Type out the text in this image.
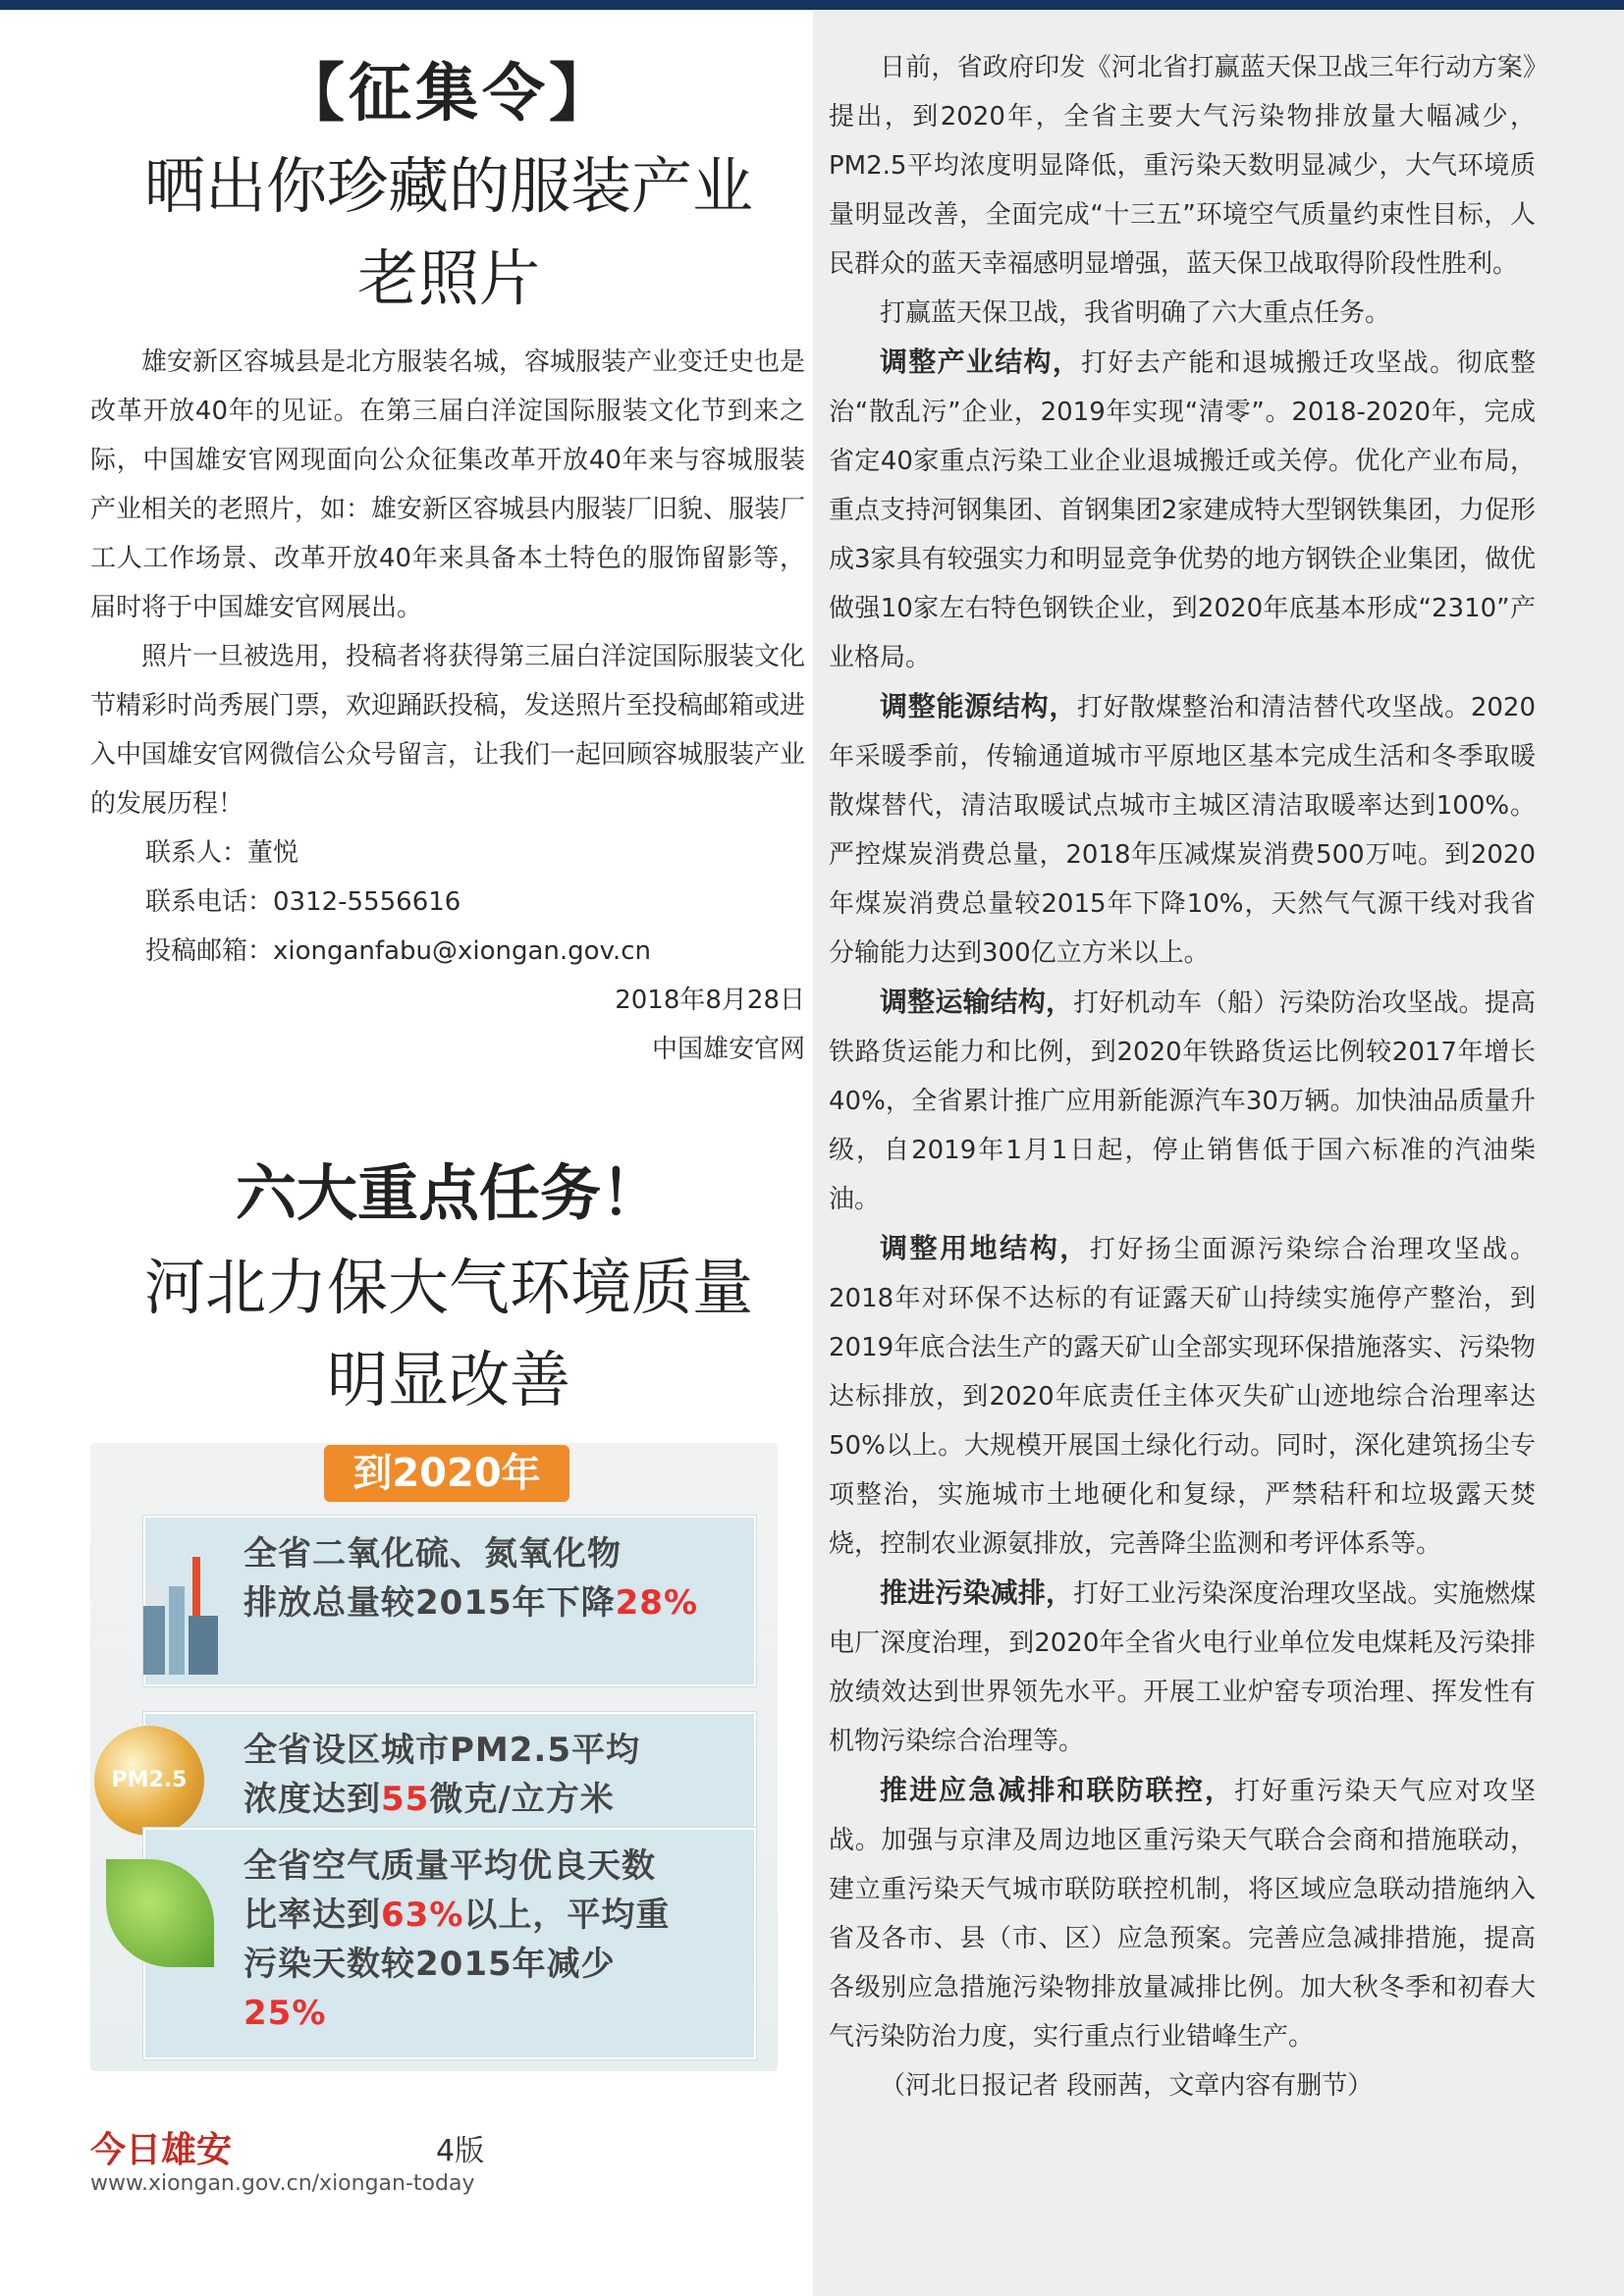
【征集令】
晒出你珍藏的服装产业
老照片

雄安新区容城县是北方服装名城，容城服装产业变迁史也是改革开放40年的见证。在第三届白洋淀国际服装文化节到来之际，中国雄安官网现面向公众征集改革开放40年来与容城服装产业相关的老照片，如：雄安新区容城县内服装厂旧貌、服装厂工人工作场景、改革开放40年来具备本土特色的服饰留影等，届时将于中国雄安官网展出。

照片一旦被选用，投稿者将获得第三届白洋淀国际服装文化节精彩时尚秀展门票，欢迎踊跃投稿，发送照片至投稿邮箱或进入中国雄安官网微信公众号留言，让我们一起回顾容城服装产业的发展历程！

联系人：董悦
联系电话：0312-5556616
投稿邮箱：xionganfabu@xiongan.gov.cn
2018年8月28日
中国雄安官网
六大重点任务！
河北力保大气环境质量
明显改善
到2020年
全省二氧化硫、氮氧化物
排放总量较2015年下降28%
PM2.5
全省设区城市PM2.5平均
浓度达到55微克/立方米
全省空气质量平均优良天数
比率达到63%以上，平均重
污染天数较2015年减少
25%
今日雄安	4版
www.xiongan.gov.cn/xiongan-today

日前，省政府印发《河北省打赢蓝天保卫战三年行动方案》提出，到2020年，全省主要大气污染物排放量大幅减少，PM2.5平均浓度明显降低，重污染天数明显减少，大气环境质量明显改善，全面完成“十三五”环境空气质量约束性目标，人民群众的蓝天幸福感明显增强，蓝天保卫战取得阶段性胜利。

打赢蓝天保卫战，我省明确了六大重点任务。

调整产业结构，打好去产能和退城搬迁攻坚战。彻底整治“散乱污”企业，2019年实现“清零”。2018-2020年，完成省定40家重点污染工业企业退城搬迁或关停。优化产业布局，重点支持河钢集团、首钢集团2家建成特大型钢铁集团，力促形成3家具有较强实力和明显竞争优势的地方钢铁企业集团，做优做强10家左右特色钢铁企业，到2020年底基本形成“2310”产业格局。

调整能源结构，打好散煤整治和清洁替代攻坚战。2020年采暖季前，传输通道城市平原地区基本完成生活和冬季取暖散煤替代，清洁取暖试点城市主城区清洁取暖率达到100%。严控煤炭消费总量，2018年压减煤炭消费500万吨。到2020年煤炭消费总量较2015年下降10%，天然气气源干线对我省分输能力达到300亿立方米以上。

调整运输结构，打好机动车（船）污染防治攻坚战。提高铁路货运能力和比例，到2020年铁路货运比例较2017年增长40%，全省累计推广应用新能源汽车30万辆。加快油品质量升级，自2019年1月1日起，停止销售低于国六标准的汽油柴油。

调整用地结构，打好扬尘面源污染综合治理攻坚战。2018年对环保不达标的有证露天矿山持续实施停产整治，到2019年底合法生产的露天矿山全部实现环保措施落实、污染物达标排放，到2020年底责任主体灭失矿山迹地综合治理率达50%以上。大规模开展国土绿化行动。同时，深化建筑扬尘专项整治，实施城市土地硬化和复绿，严禁秸秆和垃圾露天焚烧，控制农业源氨排放，完善降尘监测和考评体系等。

推进污染减排，打好工业污染深度治理攻坚战。实施燃煤电厂深度治理，到2020年全省火电行业单位发电煤耗及污染排放绩效达到世界领先水平。开展工业炉窑专项治理、挥发性有机物污染综合治理等。

推进应急减排和联防联控，打好重污染天气应对攻坚战。加强与京津及周边地区重污染天气联合会商和措施联动，建立重污染天气城市联防联控机制，将区域应急联动措施纳入省及各市、县（市、区）应急预案。完善应急减排措施，提高各级别应急措施污染物排放量减排比例。加大秋冬季和初春大气污染防治力度，实行重点行业错峰生产。

（河北日报记者 段丽茜，文章内容有删节）
